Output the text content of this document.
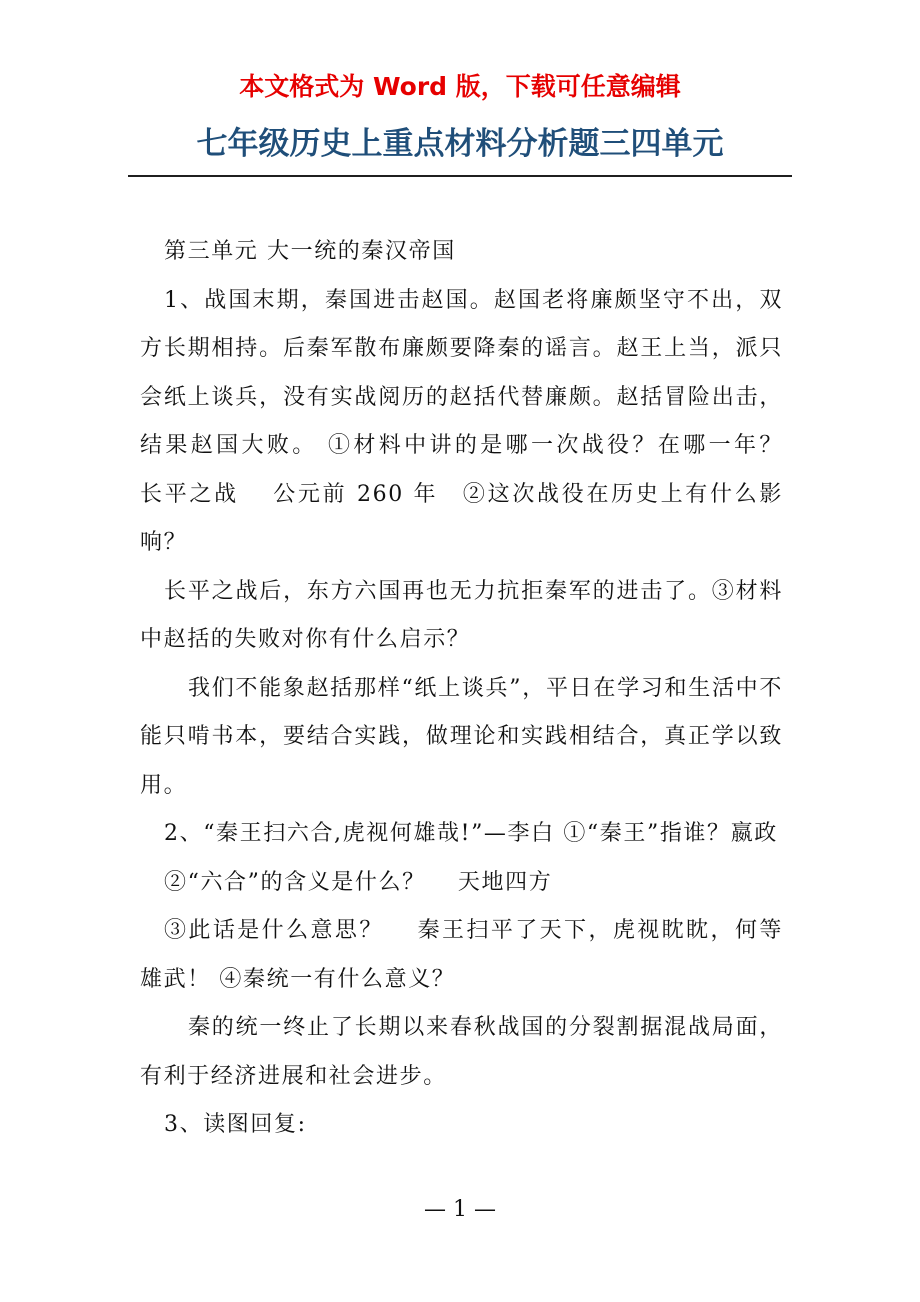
本文格式为 Word 版，下载可任意编辑
七年级历史上重点材料分析题三四单元

第三单元 大一统的秦汉帝国

1、战国末期，秦国进击赵国。赵国老将廉颇坚守不出，双方长期相持。后秦军散布廉颇要降秦的谣言。赵王上当，派只会纸上谈兵，没有实战阅历的赵括代替廉颇。赵括冒险出击，结果赵国大败。 ①材料中讲的是哪一次战役？在哪一年？　长平之战　 公元前 260 年　②这次战役在历史上有什么影响？

长平之战后，东方六国再也无力抗拒秦军的进击了。③材料中赵括的失败对你有什么启示？

我们不能象赵括那样“纸上谈兵”，平日在学习和生活中不能只啃书本，要结合实践，做理论和实践相结合，真正学以致用。

2、“秦王扫六合,虎视何雄哉!”—李白 ①“秦王”指谁？嬴政

②“六合”的含义是什么？　 天地四方

③此话是什么意思？　 秦王扫平了天下，虎视眈眈，何等雄武！ ④秦统一有什么意义？

秦的统一终止了长期以来春秋战国的分裂割据混战局面，有利于经济进展和社会进步。

3、读图回复:

— 1 —
